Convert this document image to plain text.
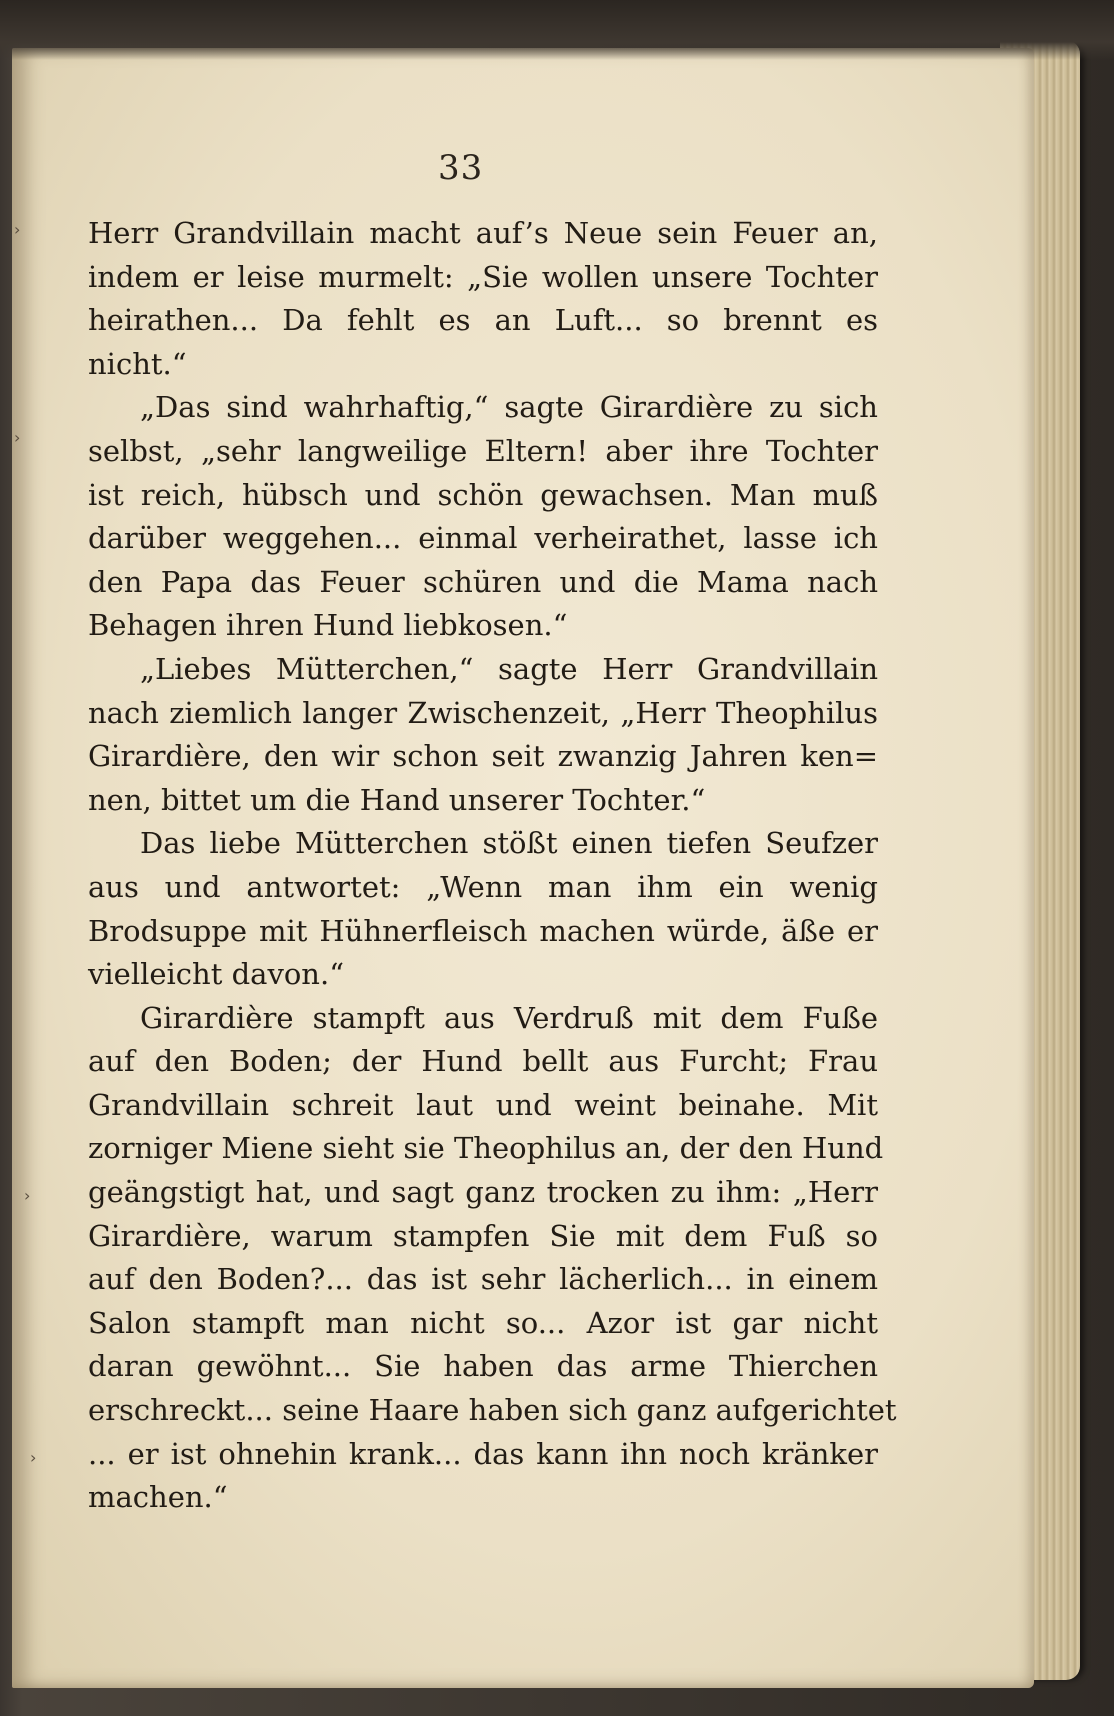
›
›
›
›
33
Herr Grandvillain macht auf’s Neue sein Feuer an,
indem er leise murmelt: „Sie wollen unsere Tochter
heirathen... Da fehlt es an Luft... so brennt es
nicht.“
„Das sind wahrhaftig,“ sagte Girardière zu sich
selbst, „sehr langweilige Eltern! aber ihre Tochter
ist reich, hübsch und schön gewachsen. Man muß
darüber weggehen... einmal verheirathet, lasse ich
den Papa das Feuer schüren und die Mama nach
Behagen ihren Hund liebkosen.“
„Liebes Mütterchen,“ sagte Herr Grandvillain
nach ziemlich langer Zwischenzeit, „Herr Theophilus
Girardière, den wir schon seit zwanzig Jahren ken=
nen, bittet um die Hand unserer Tochter.“
Das liebe Mütterchen stößt einen tiefen Seufzer
aus und antwortet: „Wenn man ihm ein wenig
Brodsuppe mit Hühnerfleisch machen würde, äße er
vielleicht davon.“
Girardière stampft aus Verdruß mit dem Fuße
auf den Boden; der Hund bellt aus Furcht; Frau
Grandvillain schreit laut und weint beinahe. Mit
zorniger Miene sieht sie Theophilus an, der den Hund
geängstigt hat, und sagt ganz trocken zu ihm: „Herr
Girardière, warum stampfen Sie mit dem Fuß so
auf den Boden?... das ist sehr lächerlich... in einem
Salon stampft man nicht so... Azor ist gar nicht
daran gewöhnt... Sie haben das arme Thierchen
erschreckt... seine Haare haben sich ganz aufgerichtet
... er ist ohnehin krank... das kann ihn noch kränker
machen.“
